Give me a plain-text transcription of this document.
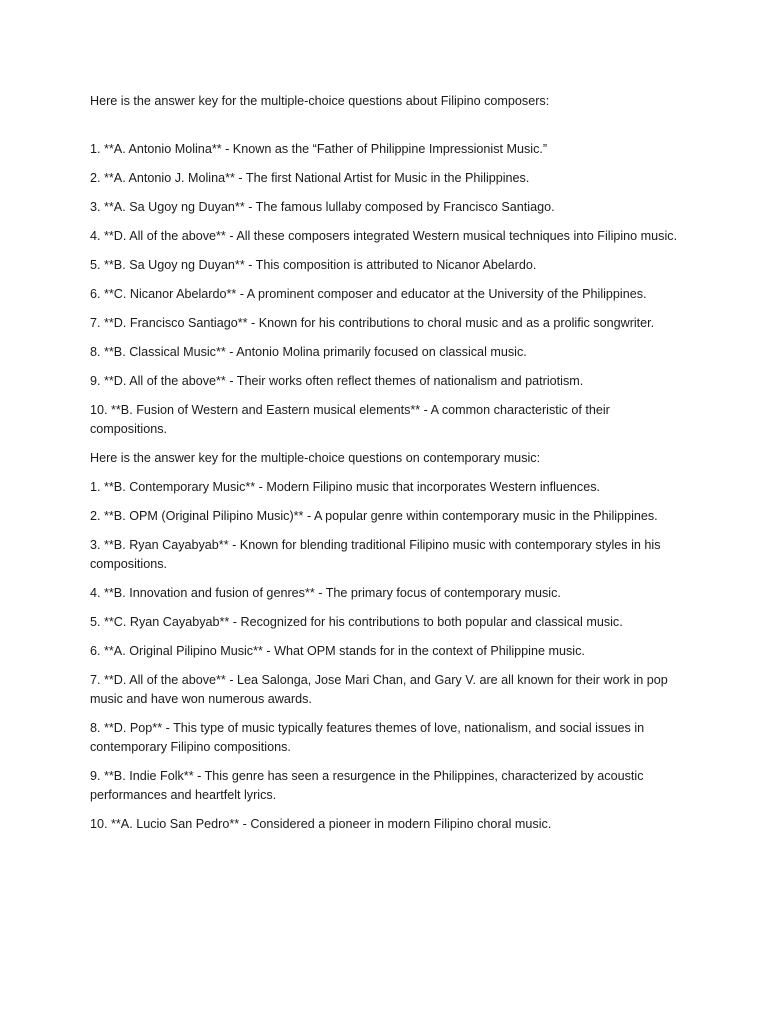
Here is the answer key for the multiple-choice questions about Filipino composers:

1. **A. Antonio Molina** - Known as the “Father of Philippine Impressionist Music.”

2. **A. Antonio J. Molina** - The first National Artist for Music in the Philippines.

3. **A. Sa Ugoy ng Duyan** - The famous lullaby composed by Francisco Santiago.

4. **D. All of the above** - All these composers integrated Western musical techniques into Filipino music.

5. **B. Sa Ugoy ng Duyan** - This composition is attributed to Nicanor Abelardo.

6. **C. Nicanor Abelardo** - A prominent composer and educator at the University of the Philippines.

7. **D. Francisco Santiago** - Known for his contributions to choral music and as a prolific songwriter.

8. **B. Classical Music** - Antonio Molina primarily focused on classical music.

9. **D. All of the above** - Their works often reflect themes of nationalism and patriotism.

10. **B. Fusion of Western and Eastern musical elements** - A common characteristic of their compositions.

Here is the answer key for the multiple-choice questions on contemporary music:

1. **B. Contemporary Music** - Modern Filipino music that incorporates Western influences.

2. **B. OPM (Original Pilipino Music)** - A popular genre within contemporary music in the Philippines.

3. **B. Ryan Cayabyab** - Known for blending traditional Filipino music with contemporary styles in his compositions.

4. **B. Innovation and fusion of genres** - The primary focus of contemporary music.

5. **C. Ryan Cayabyab** - Recognized for his contributions to both popular and classical music.

6. **A. Original Pilipino Music** - What OPM stands for in the context of Philippine music.

7. **D. All of the above** - Lea Salonga, Jose Mari Chan, and Gary V. are all known for their work in pop music and have won numerous awards.

8. **D. Pop** - This type of music typically features themes of love, nationalism, and social issues in contemporary Filipino compositions.

9. **B. Indie Folk** - This genre has seen a resurgence in the Philippines, characterized by acoustic performances and heartfelt lyrics.

10. **A. Lucio San Pedro** - Considered a pioneer in modern Filipino choral music.
